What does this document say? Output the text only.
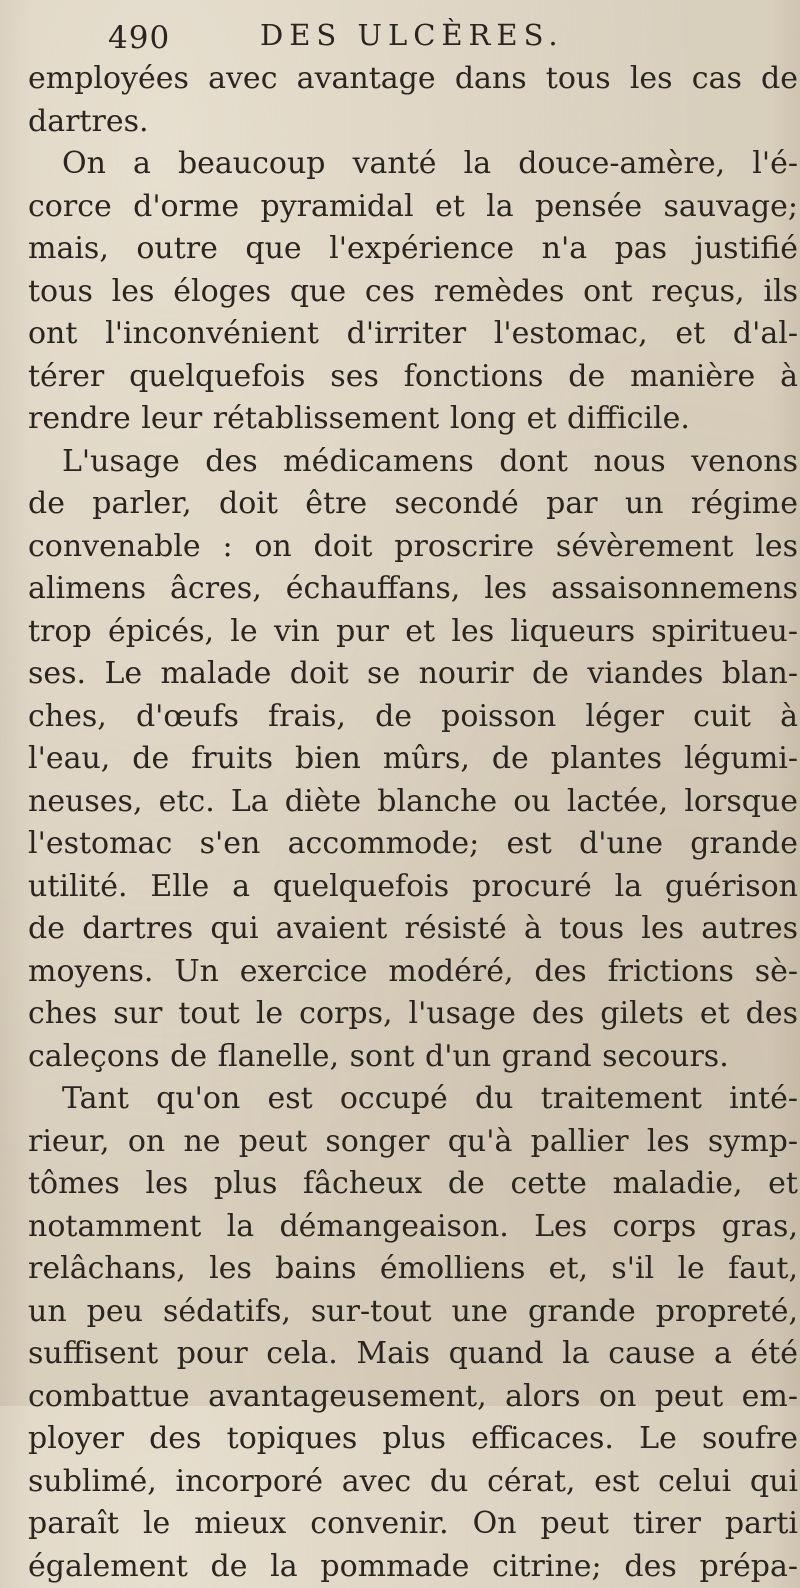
490	DES ULCÈRES.
employées avec avantage dans tous les cas de
dartres.
On a beaucoup vanté la douce-amère, l'é-
corce d'orme pyramidal et la pensée sauvage;
mais, outre que l'expérience n'a pas justifié
tous les éloges que ces remèdes ont reçus, ils
ont l'inconvénient d'irriter l'estomac, et d'al-
térer quelquefois ses fonctions de manière à
rendre leur rétablissement long et difficile.
L'usage des médicamens dont nous venons
de parler, doit être secondé par un régime
convenable : on doit proscrire sévèrement les
alimens âcres, échauffans, les assaisonnemens
trop épicés, le vin pur et les liqueurs spiritueu-
ses. Le malade doit se nourir de viandes blan-
ches, d'œufs frais, de poisson léger cuit à
l'eau, de fruits bien mûrs, de plantes légumi-
neuses, etc. La diète blanche ou lactée, lorsque
l'estomac s'en accommode; est d'une grande
utilité. Elle a quelquefois procuré la guérison
de dartres qui avaient résisté à tous les autres
moyens. Un exercice modéré, des frictions sè-
ches sur tout le corps, l'usage des gilets et des
caleçons de flanelle, sont d'un grand secours.
Tant qu'on est occupé du traitement inté-
rieur, on ne peut songer qu'à pallier les symp-
tômes les plus fâcheux de cette maladie, et
notamment la démangeaison. Les corps gras,
relâchans, les bains émolliens et, s'il le faut,
un peu sédatifs, sur-tout une grande propreté,
suffisent pour cela. Mais quand la cause a été
combattue avantageusement, alors on peut em-
ployer des topiques plus efficaces. Le soufre
sublimé, incorporé avec du cérat, est celui qui
paraît le mieux convenir. On peut tirer parti
également de la pommade citrine; des prépa-
